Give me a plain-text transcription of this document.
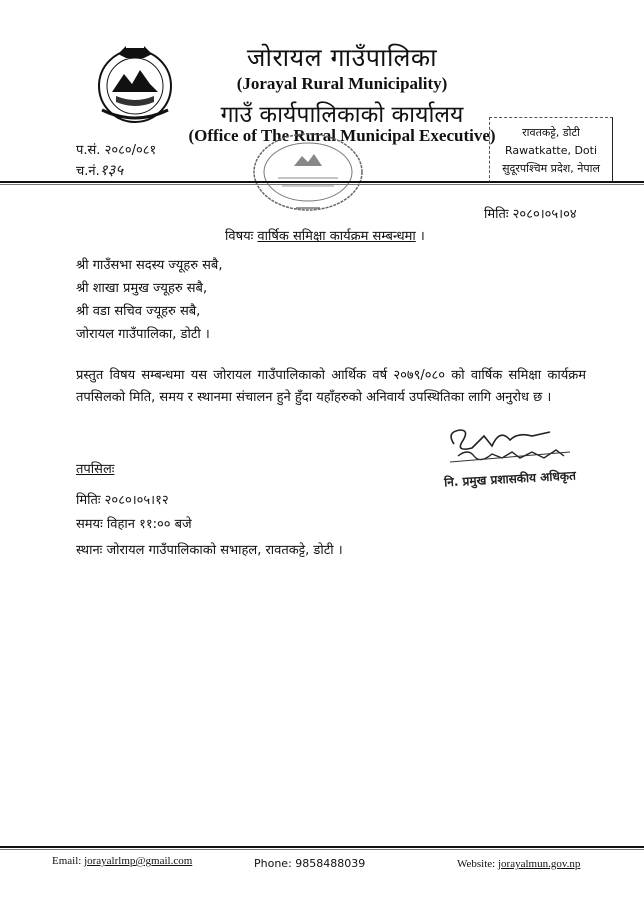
जोरायल गाउँपालिका
(Jorayal Rural Municipality)
गाउँ कार्यपालिकाको कार्यालय
(Office of The Rural Municipal Executive)
प.सं. २०८०/०८१
च.नं.१३५
रावतकट्टे, डोटी
Rawatkatte, Doti
सुदूरपश्चिम प्रदेश, नेपाल
मितिः २०८०।०५।०४
विषयः वार्षिक समिक्षा कार्यक्रम सम्बन्धमा ।
श्री गाउँसभा सदस्य ज्यूहरु सबै,
श्री शाखा प्रमुख ज्यूहरु सबै,
श्री वडा सचिव ज्यूहरु सबै,
जोरायल गाउँपालिका, डोटी ।
प्रस्तुत विषय सम्बन्धमा यस जोरायल गाउँपालिकाको आर्थिक वर्ष २०७९/०८० को वार्षिक समिक्षा कार्यक्रम तपसिलको मिति, समय र स्थानमा संचालन हुने हुँदा यहाँहरुको अनिवार्य उपस्थितिका लागि अनुरोध छ ।
नि. प्रमुख प्रशासकीय अधिकृत
तपसिलः
मितिः २०८०।०५।१२
समयः विहान ११:०० बजे
स्थानः जोरायल गाउँपालिकाको सभाहल, रावतकट्टे, डोटी ।
Email: jorayalrlmp@gmail.com	Phone: 9858488039	Website: jorayalmun.gov.np
